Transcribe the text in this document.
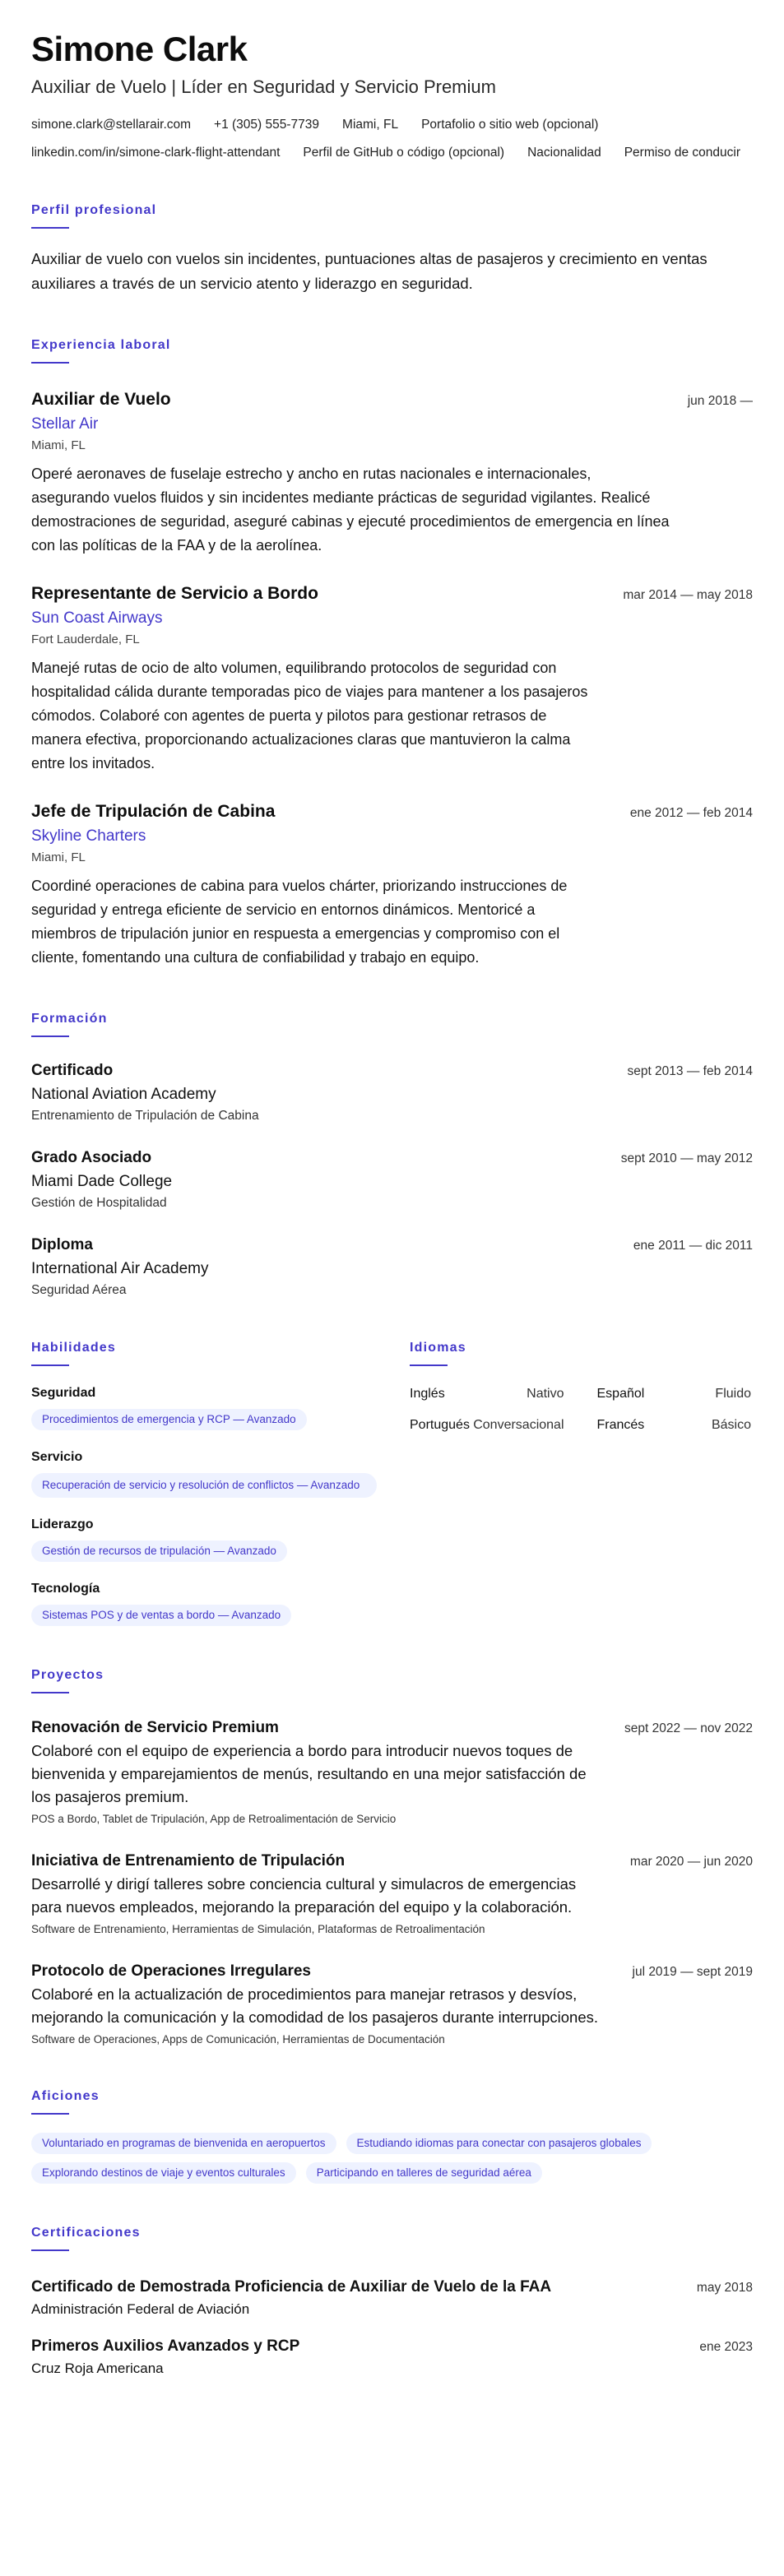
Simone Clark
Auxiliar de Vuelo | Líder en Seguridad y Servicio Premium
simone.clark@stellarair.com +1 (305) 555-7739 Miami, FL Portafolio o sitio web (opcional)
linkedin.com/in/simone-clark-flight-attendant Perfil de GitHub o código (opcional) Nacionalidad Permiso de conducir
Perfil profesional

Auxiliar de vuelo con vuelos sin incidentes, puntuaciones altas de pasajeros y crecimiento en ventas auxiliares a través de un servicio atento y liderazgo en seguridad.

Experiencia laboral
Auxiliar de Vuelo	jun 2018 —
Stellar Air
Miami, FL

Operé aeronaves de fuselaje estrecho y ancho en rutas nacionales e internacionales, asegurando vuelos fluidos y sin incidentes mediante prácticas de seguridad vigilantes. Realicé demostraciones de seguridad, aseguré cabinas y ejecuté procedimientos de emergencia en línea con las políticas de la FAA y de la aerolínea.

Representante de Servicio a Bordo	mar 2014 — may 2018
Sun Coast Airways
Fort Lauderdale, FL

Manejé rutas de ocio de alto volumen, equilibrando protocolos de seguridad con hospitalidad cálida durante temporadas pico de viajes para mantener a los pasajeros cómodos. Colaboré con agentes de puerta y pilotos para gestionar retrasos de manera efectiva, proporcionando actualizaciones claras que mantuvieron la calma entre los invitados.

Jefe de Tripulación de Cabina	ene 2012 — feb 2014
Skyline Charters
Miami, FL

Coordiné operaciones de cabina para vuelos chárter, priorizando instrucciones de seguridad y entrega eficiente de servicio en entornos dinámicos. Mentoricé a miembros de tripulación junior en respuesta a emergencias y compromiso con el cliente, fomentando una cultura de confiabilidad y trabajo en equipo.

Formación
Certificado	sept 2013 — feb 2014
National Aviation Academy
Entrenamiento de Tripulación de Cabina
Grado Asociado	sept 2010 — may 2012
Miami Dade College
Gestión de Hospitalidad
Diploma	ene 2011 — dic 2011
International Air Academy
Seguridad Aérea
Habilidades
Seguridad
Procedimientos de emergencia y RCP — Avanzado
Servicio
Recuperación de servicio y resolución de conflictos — Avanzado
Liderazgo
Gestión de recursos de tripulación — Avanzado
Tecnología
Sistemas POS y de ventas a bordo — Avanzado
Idiomas
Inglés	Nativo	Español	Fluido
Portugués Conversacional	Francés	Básico
Proyectos
Renovación de Servicio Premium	sept 2022 — nov 2022

Colaboré con el equipo de experiencia a bordo para introducir nuevos toques de bienvenida y emparejamientos de menús, resultando en una mejor satisfacción de los pasajeros premium.

POS a Bordo, Tablet de Tripulación, App de Retroalimentación de Servicio
Iniciativa de Entrenamiento de Tripulación	mar 2020 — jun 2020

Desarrollé y dirigí talleres sobre conciencia cultural y simulacros de emergencias para nuevos empleados, mejorando la preparación del equipo y la colaboración.

Software de Entrenamiento, Herramientas de Simulación, Plataformas de Retroalimentación
Protocolo de Operaciones Irregulares	jul 2019 — sept 2019

Colaboré en la actualización de procedimientos para manejar retrasos y desvíos, mejorando la comunicación y la comodidad de los pasajeros durante interrupciones.

Software de Operaciones, Apps de Comunicación, Herramientas de Documentación
Aficiones
Voluntariado en programas de bienvenida en aeropuertos	Estudiando idiomas para conectar con pasajeros globales
Explorando destinos de viaje y eventos culturales	Participando en talleres de seguridad aérea
Certificaciones
Certificado de Demostrada Proficiencia de Auxiliar de Vuelo de la FAA	may 2018
Administración Federal de Aviación
Primeros Auxilios Avanzados y RCP	ene 2023
Cruz Roja Americana
